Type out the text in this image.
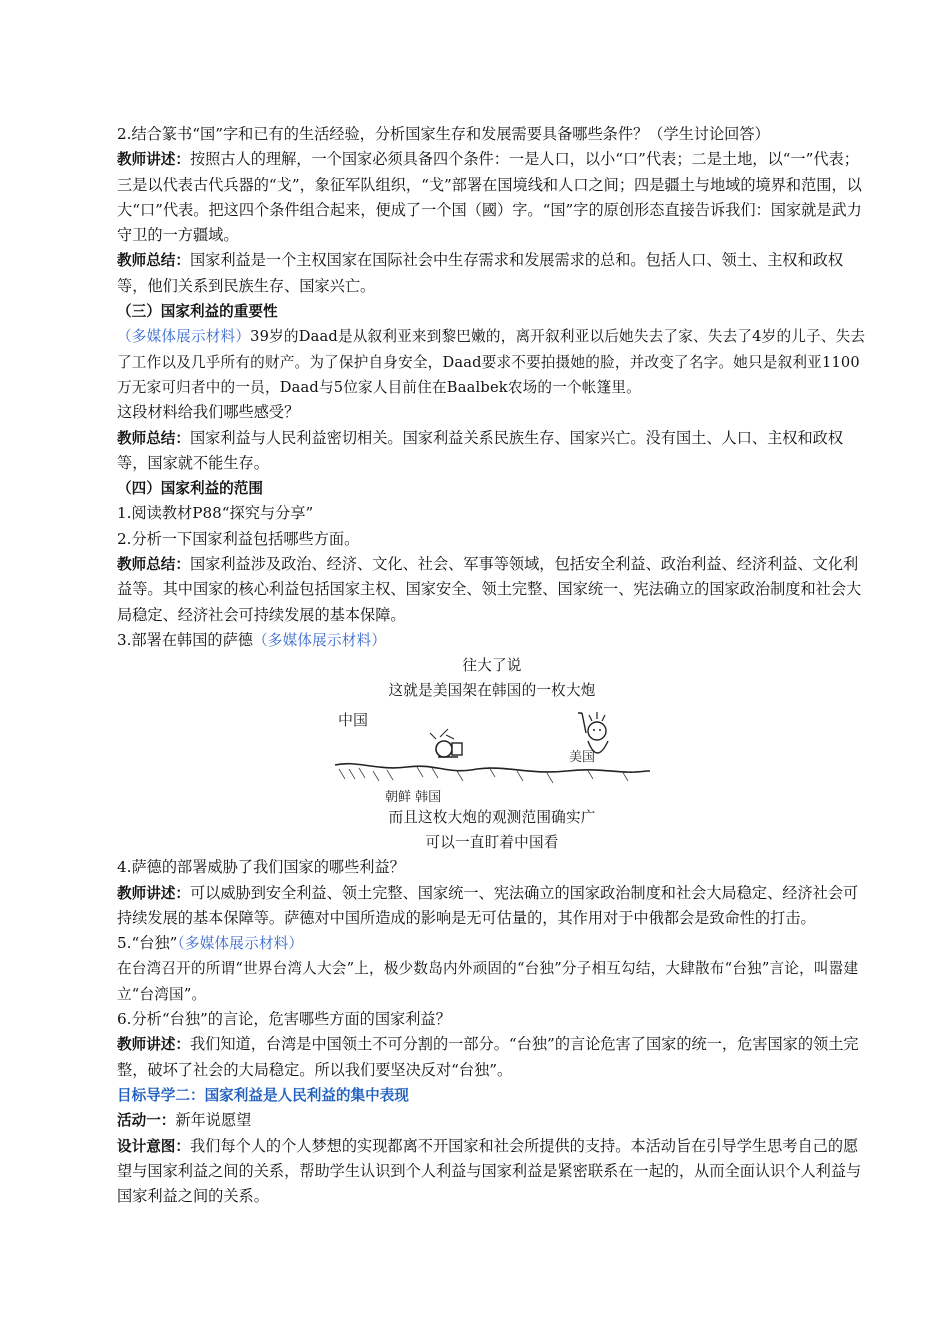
2.结合篆书“国”字和已有的生活经验，分析国家生存和发展需要具备哪些条件？（学生讨论回答）

教师讲述：按照古人的理解，一个国家必须具备四个条件：一是人口，以小“口”代表；二是土地，以“一”代表；三是以代表古代兵器的“戈”，象征军队组织，“戈”部署在国境线和人口之间；四是疆土与地域的境界和范围，以大“口”代表。把这四个条件组合起来，便成了一个国（國）字。“国”字的原创形态直接告诉我们：国家就是武力守卫的一方疆域。

教师总结：国家利益是一个主权国家在国际社会中生存需求和发展需求的总和。包括人口、领土、主权和政权等，他们关系到民族生存、国家兴亡。

（三）国家利益的重要性

（多媒体展示材料）39岁的Daad是从叙利亚来到黎巴嫩的，离开叙利亚以后她失去了家、失去了4岁的儿子、失去了工作以及几乎所有的财产。为了保护自身安全，Daad要求不要拍摄她的脸，并改变了名字。她只是叙利亚1100万无家可归者中的一员，Daad与5位家人目前住在Baalbek农场的一个帐篷里。

这段材料给我们哪些感受？

教师总结：国家利益与人民利益密切相关。国家利益关系民族生存、国家兴亡。没有国土、人口、主权和政权等，国家就不能生存。

（四）国家利益的范围

1.阅读教材P88“探究与分享”

2.分析一下国家利益包括哪些方面。

教师总结：国家利益涉及政治、经济、文化、社会、军事等领域，包括安全利益、政治利益、经济利益、文化利益等。其中国家的核心利益包括国家主权、国家安全、领土完整、国家统一、宪法确立的国家政治制度和社会大局稳定、经济社会可持续发展的基本保障。

3.部署在韩国的萨德（多媒体展示材料）

往大了说
这就是美国架在韩国的一枚大炮
中国
美国
朝鲜 韩国
而且这枚大炮的观测范围确实广
可以一直盯着中国看

4.萨德的部署威胁了我们国家的哪些利益？

教师讲述：可以威胁到安全利益、领土完整、国家统一、宪法确立的国家政治制度和社会大局稳定、经济社会可持续发展的基本保障等。萨德对中国所造成的影响是无可估量的，其作用对于中俄都会是致命性的打击。

5.“台独”（多媒体展示材料）

在台湾召开的所谓“世界台湾人大会”上，极少数岛内外顽固的“台独”分子相互勾结，大肆散布“台独”言论，叫嚣建立“台湾国”。

6.分析“台独”的言论，危害哪些方面的国家利益？

教师讲述：我们知道，台湾是中国领土不可分割的一部分。“台独”的言论危害了国家的统一，危害国家的领土完整，破坏了社会的大局稳定。所以我们要坚决反对“台独”。

目标导学二：国家利益是人民利益的集中表现

活动一：新年说愿望

设计意图：我们每个人的个人梦想的实现都离不开国家和社会所提供的支持。本活动旨在引导学生思考自己的愿望与国家利益之间的关系，帮助学生认识到个人利益与国家利益是紧密联系在一起的，从而全面认识个人利益与国家利益之间的关系。
